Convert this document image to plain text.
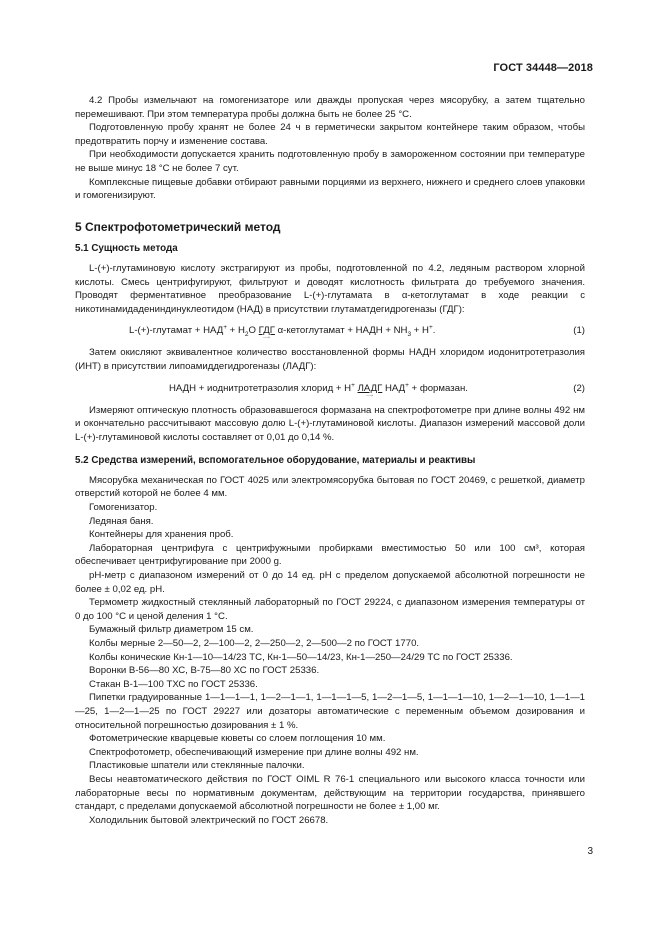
ГОСТ 34448—2018

4.2 Пробы измельчают на гомогенизаторе или дважды пропуская через мясорубку, а затем тщательно перемешивают. При этом температура пробы должна быть не более 25 °С.

Подготовленную пробу хранят не более 24 ч в герметически закрытом контейнере таким образом, чтобы предотвратить порчу и изменение состава.

При необходимости допускается хранить подготовленную пробу в замороженном состоянии при температуре не выше минус 18 °С не более 7 сут.

Комплексные пищевые добавки отбирают равными порциями из верхнего, нижнего и среднего слоев упаковки и гомогенизируют.

5 Спектрофотометрический метод

5.1 Сущность метода

L-(+)-глутаминовую кислоту экстрагируют из пробы, подготовленной по 4.2, ледяным раствором хлорной кислоты. Смесь центрифугируют, фильтруют и доводят кислотность фильтрата до требуемого значения. Проводят ферментативное преобразование L-(+)-глутамата в α-кетоглутамат в ходе реакции с никотинамидадениндинуклеотидом (НАД) в присутствии глутаматдегидрогеназы (ГДГ):

L-(+)-глутамат + $НАД^+ + Н_2О$ ГДГ
⟶
α-кетоглутамат + НАДН + $NН_3 + Н^+$.	(1)

Затем окисляют эквивалентное количество восстановленной формы НАДН хлоридом иодонитротетразолия (ИНТ) в присутствии липоамиддегидрогеназы (ЛАДГ):

НАДН + иоднитротетразолия хлорид + Н+ ЛАДГ
⟶
НАД+ + формазан.	(2)

Измеряют оптическую плотность образовавшегося формазана на спектрофотометре при длине волны 492 нм и окончательно рассчитывают массовую долю L-(+)-глутаминовой кислоты. Диапазон измерений массовой доли L-(+)-глутаминовой кислоты составляет от 0,01 до 0,14 %.

5.2 Средства измерений, вспомогательное оборудование, материалы и реактивы

Мясорубка механическая по ГОСТ 4025 или электромясорубка бытовая по ГОСТ 20469, с решеткой, диаметр отверстий которой не более 4 мм.

Гомогенизатор.

Ледяная баня.

Контейнеры для хранения проб.

Лабораторная центрифуга с центрифужными пробирками вместимостью 50 или 100 см³, которая обеспечивает центрифугирование при 2000 g.

pH-метр с диапазоном измерений от 0 до 14 ед. pH с пределом допускаемой абсолютной погрешности не более ± 0,02 ед. pH.

Термометр жидкостный стеклянный лабораторный по ГОСТ 29224, с диапазоном измерения температуры от 0 до 100 °С и ценой деления 1 °С.

Бумажный фильтр диаметром 15 см.

Колбы мерные 2—50—2, 2—100—2, 2—250—2, 2—500—2 по ГОСТ 1770.

Колбы конические Кн-1—10—14/23 ТС, Кн-1—50—14/23, Кн-1—250—24/29 ТС по ГОСТ 25336.

Воронки В-56—80 ХС, В-75—80 ХС по ГОСТ 25336.

Стакан В-1—100 ТХС по ГОСТ 25336.

Пипетки градуированные 1—1—1—1, 1—2—1—1, 1—1—1—5, 1—2—1—5, 1—1—1—10, 1—2—1—10, 1—1—1—25, 1—2—1—25 по ГОСТ 29227 или дозаторы автоматические с переменным объемом дозирования и относительной погрешностью дозирования ± 1 %.

Фотометрические кварцевые кюветы со слоем поглощения 10 мм.

Спектрофотометр, обеспечивающий измерение при длине волны 492 нм.

Пластиковые шпатели или стеклянные палочки.

Весы неавтоматического действия по ГОСТ OIML R 76-1 специального или высокого класса точности или лабораторные весы по нормативным документам, действующим на территории государства, принявшего стандарт, с пределами допускаемой абсолютной погрешности не более ± 1,00 мг.

Холодильник бытовой электрический по ГОСТ 26678.

3
